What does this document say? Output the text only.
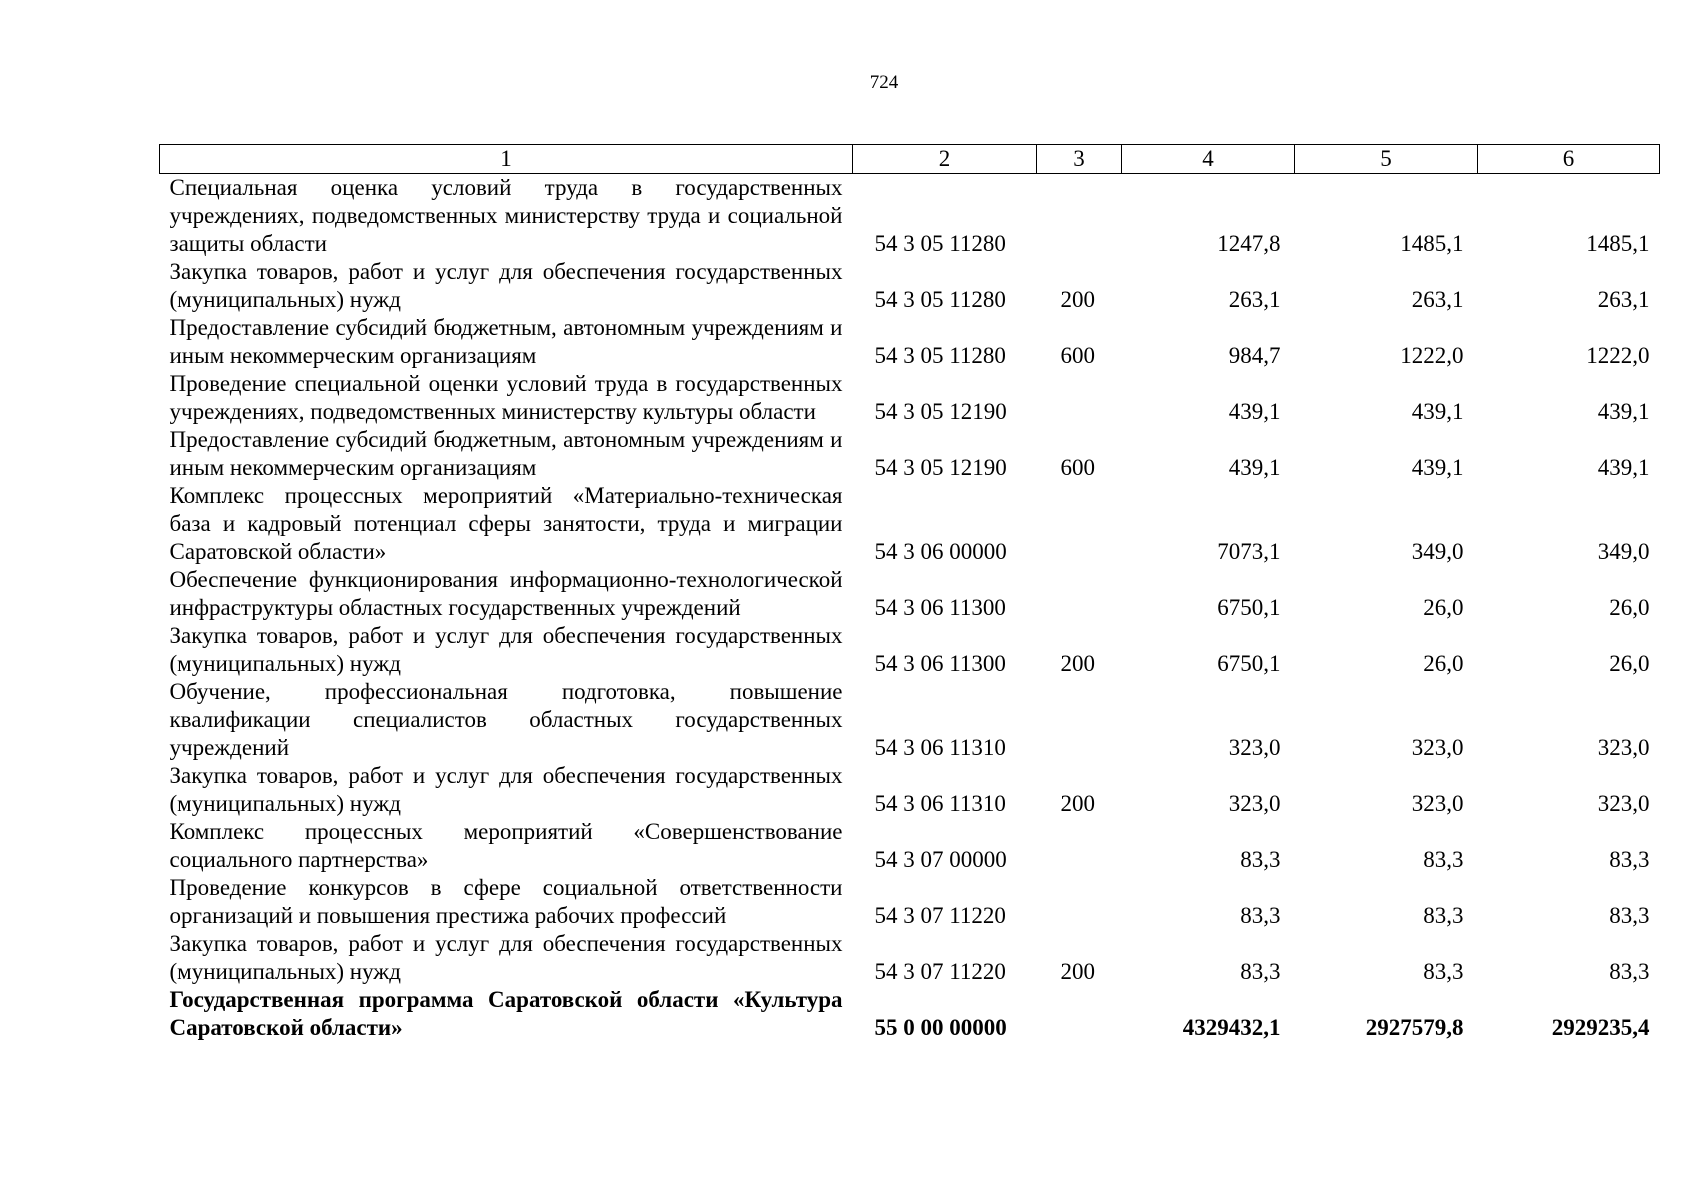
724
1	2	3	4	5	6
Специальная оценка условий труда в государственных учреждениях, подведомственных министерству труда и социальной защиты области	54 3 05 11280		1247,8	1485,1	1485,1
Закупка товаров, работ и услуг для обеспечения государственных (муниципальных) нужд	54 3 05 11280	200	263,1	263,1	263,1
Предоставление субсидий бюджетным, автономным учреждениям и иным некоммерческим организациям	54 3 05 11280	600	984,7	1222,0	1222,0
Проведение специальной оценки условий труда в государственных учреждениях, подведомственных министерству культуры области	54 3 05 12190		439,1	439,1	439,1
Предоставление субсидий бюджетным, автономным учреждениям и иным некоммерческим организациям	54 3 05 12190	600	439,1	439,1	439,1
Комплекс процессных мероприятий «Материально-техническая база и кадровый потенциал сферы занятости, труда и миграции Саратовской области»	54 3 06 00000		7073,1	349,0	349,0
Обеспечение функционирования информационно-технологической инфраструктуры областных государственных учреждений	54 3 06 11300		6750,1	26,0	26,0
Закупка товаров, работ и услуг для обеспечения государственных (муниципальных) нужд	54 3 06 11300	200	6750,1	26,0	26,0
Обучение, профессиональная подготовка, повышение квалификации специалистов областных государственных учреждений	54 3 06 11310		323,0	323,0	323,0
Закупка товаров, работ и услуг для обеспечения государственных (муниципальных) нужд	54 3 06 11310	200	323,0	323,0	323,0
Комплекс процессных мероприятий «Совершенствование социального партнерства»	54 3 07 00000		83,3	83,3	83,3
Проведение конкурсов в сфере социальной ответственности организаций и повышения престижа рабочих профессий	54 3 07 11220		83,3	83,3	83,3
Закупка товаров, работ и услуг для обеспечения государственных (муниципальных) нужд	54 3 07 11220	200	83,3	83,3	83,3
Государственная программа Саратовской области «Культура Саратовской области»	55 0 00 00000		4329432,1	2927579,8	2929235,4
